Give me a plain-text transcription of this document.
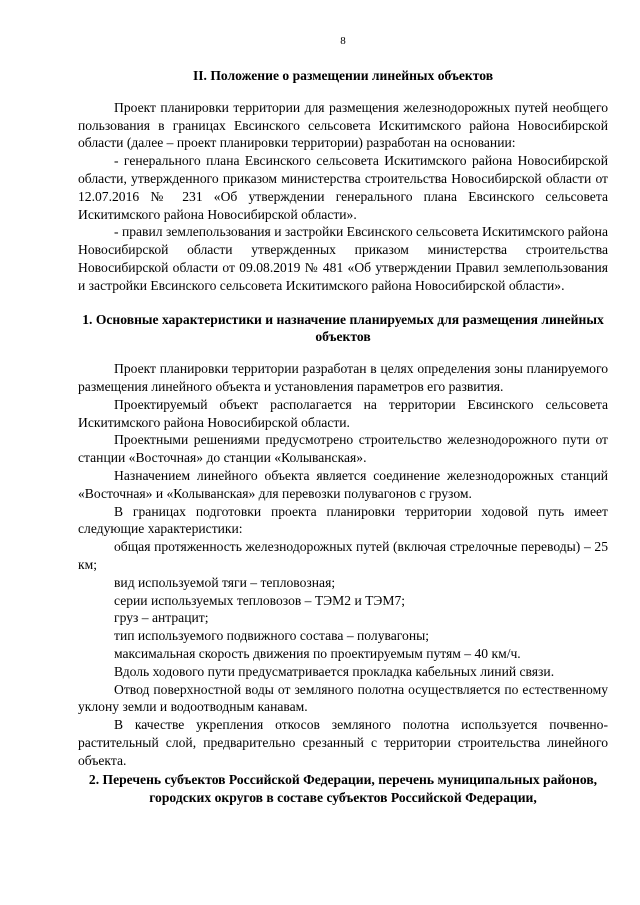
8
II. Положение о размещении линейных объектов

Проект планировки территории для размещения железнодорожных путей необщего пользования в границах Евсинского сельсовета Искитимского района Новосибирской области (далее – проект планировки территории) разработан на основании:

- генерального плана Евсинского сельсовета Искитимского района Новосибирской области, утвержденного приказом министерства строительства Новосибирской области от 12.07.2016 № 231 «Об утверждении генерального плана Евсинского сельсовета Искитимского района Новосибирской области».

- правил землепользования и застройки Евсинского сельсовета Искитимского района Новосибирской области утвержденных приказом министерства строительства Новосибирской области от 09.08.2019 № 481 «Об утверждении Правил землепользования и застройки Евсинского сельсовета Искитимского района Новосибирской области».

1. Основные характеристики и назначение планируемых для размещения линейных объектов

Проект планировки территории разработан в целях определения зоны планируемого размещения линейного объекта и установления параметров его развития.

Проектируемый объект располагается на территории Евсинского сельсовета Искитимского района Новосибирской области.

Проектными решениями предусмотрено строительство железнодорожного пути от станции «Восточная» до станции «Колыванская».

Назначением линейного объекта является соединение железнодорожных станций «Восточная» и «Колыванская» для перевозки полувагонов с грузом.

В границах подготовки проекта планировки территории ходовой путь имеет следующие характеристики:

общая протяженность железнодорожных путей (включая стрелочные переводы) – 25 км;

вид используемой тяги – тепловозная;

серии используемых тепловозов – ТЭМ2 и ТЭМ7;

груз – антрацит;

тип используемого подвижного состава – полувагоны;

максимальная скорость движения по проектируемым путям – 40 км/ч.

Вдоль ходового пути предусматривается прокладка кабельных линий связи.

Отвод поверхностной воды от земляного полотна осуществляется по естественному уклону земли и водоотводным канавам.

В качестве укрепления откосов земляного полотна используется почвенно-растительный слой, предварительно срезанный с территории строительства линейного объекта.

2. Перечень субъектов Российской Федерации, перечень муниципальных районов, городских округов в составе субъектов Российской Федерации,
